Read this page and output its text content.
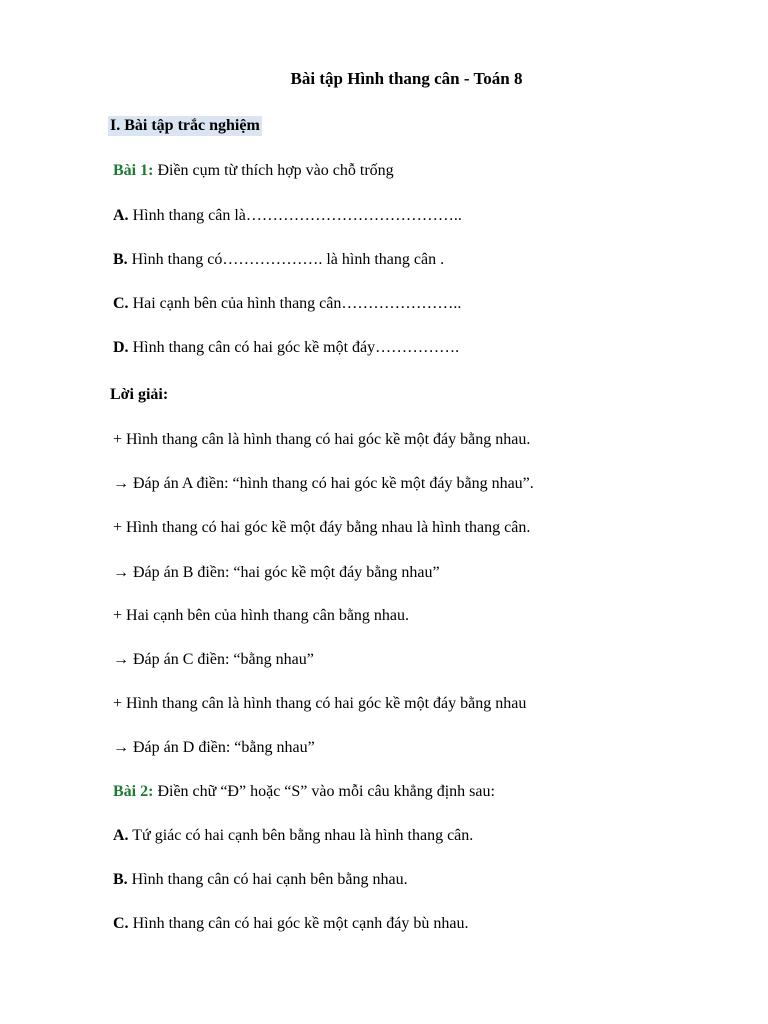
Bài tập Hình thang cân - Toán 8
I. Bài tập trắc nghiệm
Bài 1: Điền cụm từ thích hợp vào chỗ trống
A. Hình thang cân là…………………………………..
B. Hình thang có………………. là hình thang cân .
C. Hai cạnh bên của hình thang cân…………………..
D. Hình thang cân có hai góc kề một đáy…………….
Lời giải:
+ Hình thang cân là hình thang có hai góc kề một đáy bằng nhau.
→ Đáp án A điền: “hình thang có hai góc kề một đáy bằng nhau”.
+ Hình thang có hai góc kề một đáy bằng nhau là hình thang cân.
→ Đáp án B điền: “hai góc kề một đáy bằng nhau”
+ Hai cạnh bên của hình thang cân bằng nhau.
→ Đáp án C điền: “bằng nhau”
+ Hình thang cân là hình thang có hai góc kề một đáy bằng nhau
→ Đáp án D điền: “bằng nhau”
Bài 2: Điền chữ “Đ” hoặc “S” vào mỗi câu khẳng định sau:
A. Tứ giác có hai cạnh bên bằng nhau là hình thang cân.
B. Hình thang cân có hai cạnh bên bằng nhau.
C. Hình thang cân có hai góc kề một cạnh đáy bù nhau.
